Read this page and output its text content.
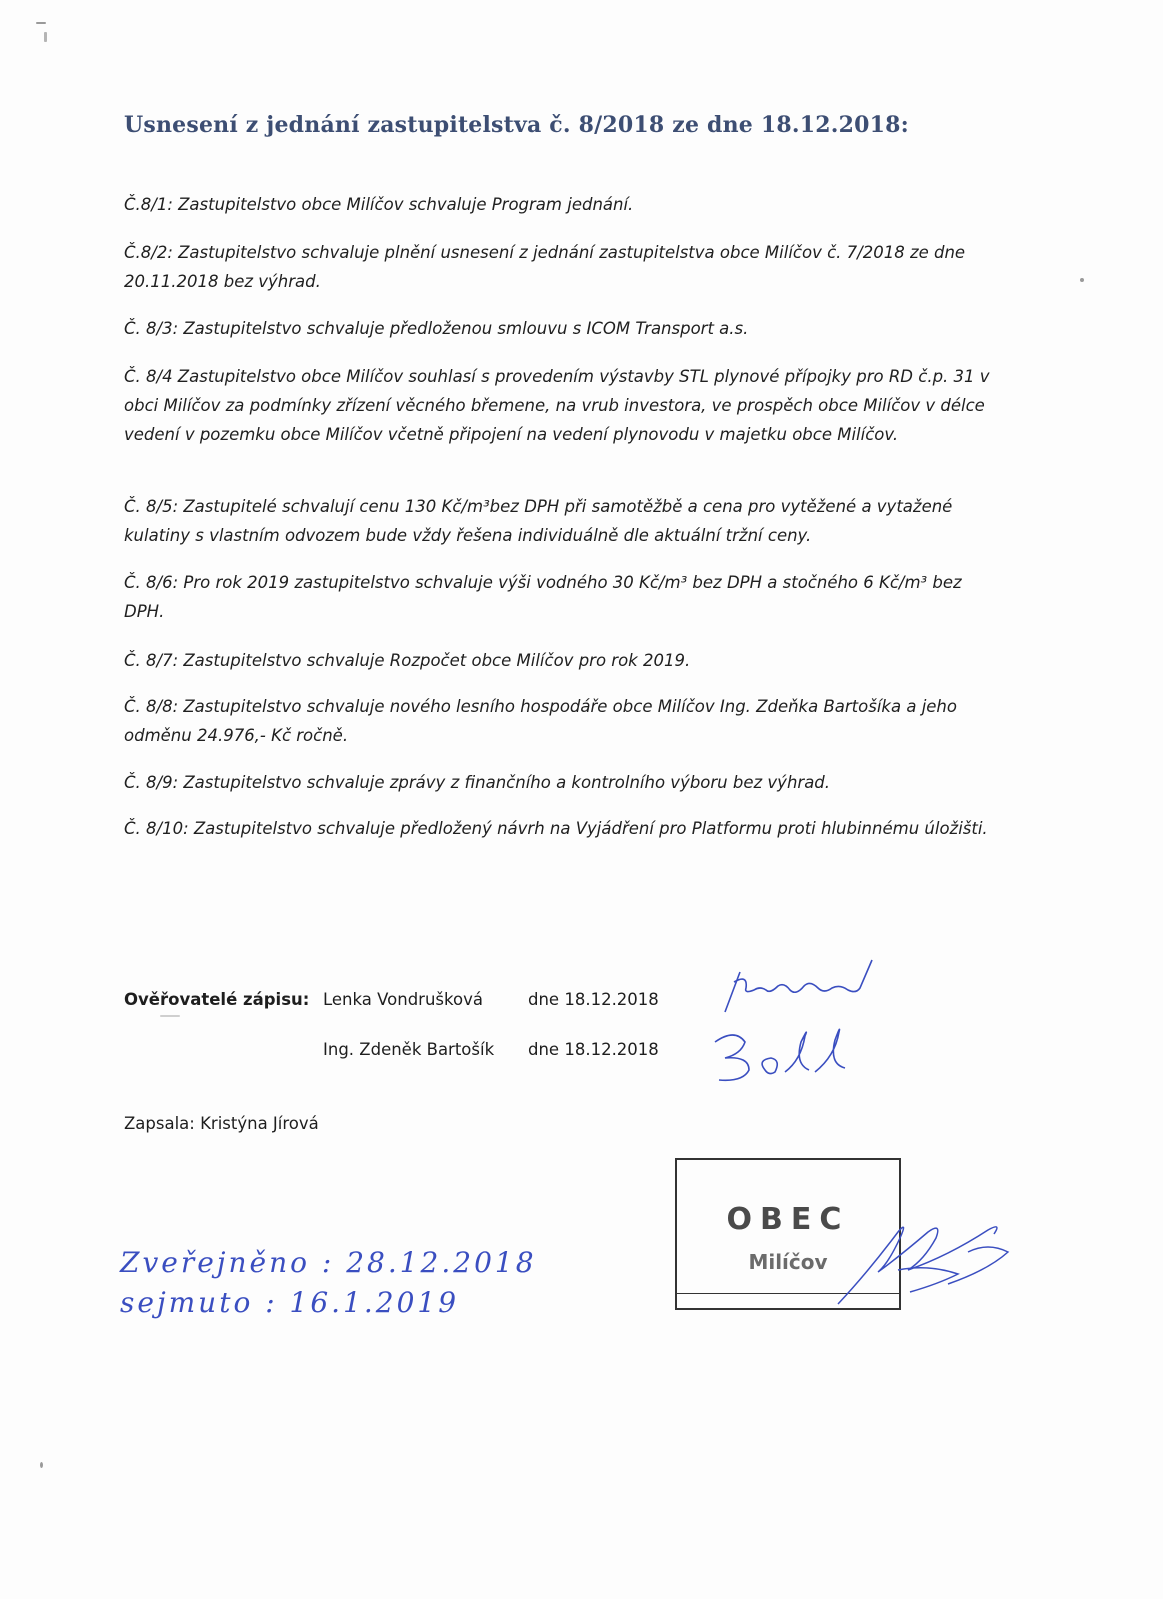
Usnesení z jednání zastupitelstva č. 8/2018 ze dne 18.12.2018:
Č.8/1: Zastupitelstvo obce Milíčov schvaluje Program jednání.
Č.8/2: Zastupitelstvo schvaluje plnění usnesení z jednání zastupitelstva obce Milíčov č. 7/2018 ze dne 20.11.2018 bez výhrad.
Č. 8/3: Zastupitelstvo schvaluje předloženou smlouvu s ICOM Transport a.s.
Č. 8/4 Zastupitelstvo obce Milíčov souhlasí s provedením výstavby STL plynové přípojky pro RD č.p. 31 v obci Milíčov za podmínky zřízení věcného břemene, na vrub investora, ve prospěch obce Milíčov v délce vedení v pozemku obce Milíčov včetně připojení na vedení plynovodu v majetku obce Milíčov.
Č. 8/5: Zastupitelé schvalují cenu 130 Kč/m³bez DPH při samotěžbě a cena pro vytěžené a vytažené kulatiny s vlastním odvozem bude vždy řešena individuálně dle aktuální tržní ceny.
Č. 8/6: Pro rok 2019 zastupitelstvo schvaluje výši vodného 30 Kč/m³ bez DPH a stočného 6 Kč/m³ bez DPH.
Č. 8/7: Zastupitelstvo schvaluje Rozpočet obce Milíčov pro rok 2019.
Č. 8/8: Zastupitelstvo schvaluje nového lesního hospodáře obce Milíčov Ing. Zdeňka Bartošíka a jeho odměnu 24.976,- Kč ročně.
Č. 8/9: Zastupitelstvo schvaluje zprávy z finančního a kontrolního výboru bez výhrad.
Č. 8/10: Zastupitelstvo schvaluje předložený návrh na Vyjádření pro Platformu proti hlubinnému úložišti.
Ověřovatelé zápisu: Lenka Vondrušková	dne 18.12.2018
Ing. Zdeněk Bartošík dne 18.12.2018
Zapsala: Kristýna Jírová
OBEC
Milíčov
Zveřejněno : 28.12.2018
sejmuto : 16.1.2019
